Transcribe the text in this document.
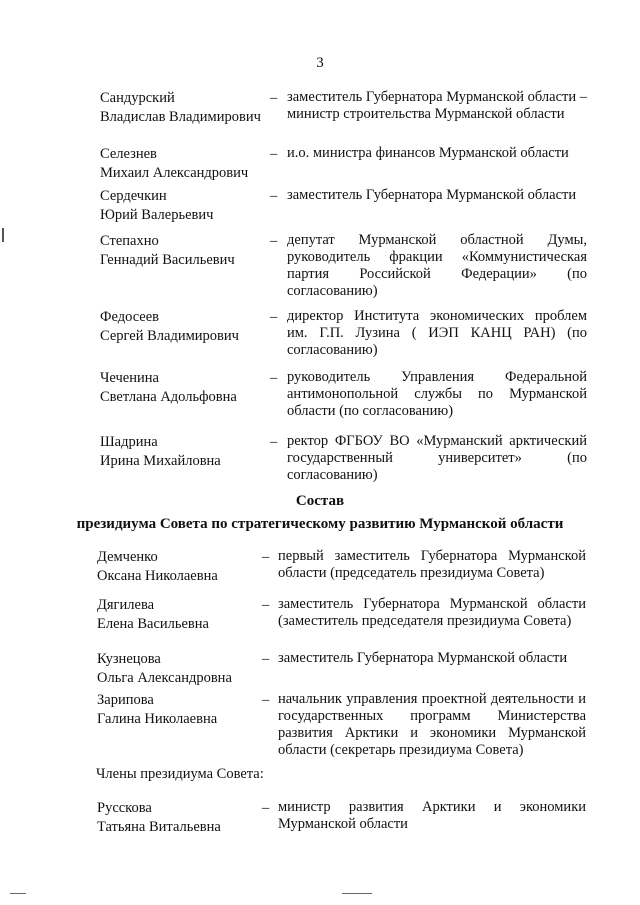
3
Сандурский
Владислав Владимирович
– заместитель Губернатора Мурманской области – министр строительства Мурманской области
Селезнев
Михаил Александрович
– и.о. министра финансов Мурманской области
Сердечкин
Юрий Валерьевич
– заместитель Губернатора Мурманской области
Степахно
Геннадий Васильевич
– депутат Мурманской областной Думы, руководитель фракции «Коммунистическая партия Российской Федерации» (по согласованию)
Федосеев
Сергей Владимирович
– директор Института экономических проблем им. Г.П. Лузина ( ИЭП КАНЦ РАН) (по согласованию)
Чеченина
Светлана Адольфовна
– руководитель Управления Федеральной антимонопольной службы по Мурманской области (по согласованию)
Шадрина
Ирина Михайловна
– ректор ФГБОУ ВО «Мурманский арктический государственный университет» (по согласованию)
Состав
президиума Совета по стратегическому развитию Мурманской области
Демченко
Оксана Николаевна
– первый заместитель Губернатора Мурманской области (председатель президиума Совета)
Дягилева
Елена Васильевна
– заместитель Губернатора Мурманской области (заместитель председателя президиума Совета)
Кузнецова
Ольга Александровна
– заместитель Губернатора Мурманской области
Зарипова
Галина Николаевна
– начальник управления проектной деятельности и государственных программ Министерства развития Арктики и экономики Мурманской области (секретарь президиума Совета)
Члены президиума Совета:
Русскова
Татьяна Витальевна
– министр развития Арктики и экономики Мурманской области
